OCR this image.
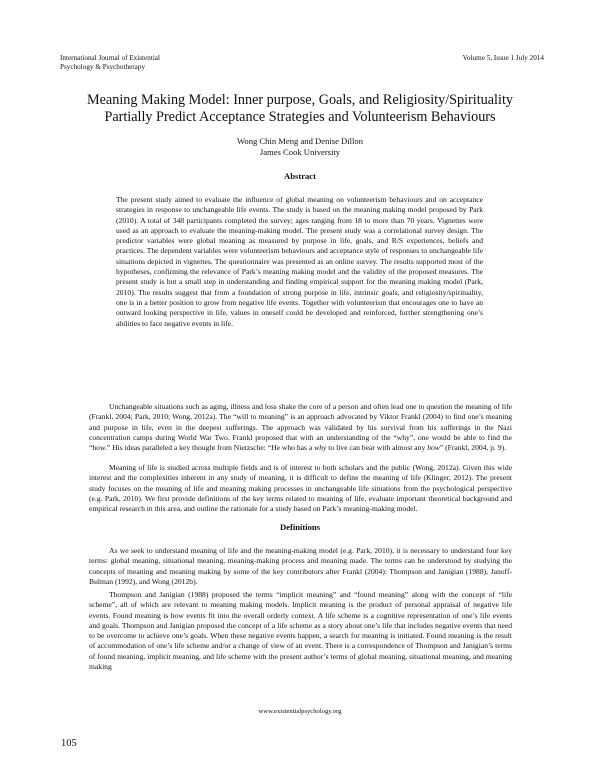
International Journal of Existential
Psychology & Psychotherapy
Volume 5, Issue 1 July 2014
Meaning Making Model: Inner purpose, Goals, and Religiosity/Spirituality
Partially Predict Acceptance Strategies and Volunteerism Behaviours
Wong Chin Meng and Denise Dillon
James Cook University
Abstract

The present study aimed to evaluate the influence of global meaning on volunteerism behaviours and on acceptance strategies in response to unchangeable life events. The study is based on the meaning making model proposed by Park (2010). A total of 348 participants completed the survey; ages ranging from 18 to more than 70 years. Vignettes were used as an approach to evaluate the meaning-making model. The present study was a correlational survey design. The predictor variables were global meaning as measured by purpose in life, goals, and R/S experiences, beliefs and practices. The dependent variables were volunteerism behaviours and acceptance style of responses to unchangeable life situations depicted in vignettes. The questionnaire was presented as an online survey. The results supported most of the hypotheses, confirming the relevance of Park’s meaning making model and the validity of the proposed measures. The present study is but a small step in understanding and finding empirical support for the meaning making model (Park, 2010). The results suggest that from a foundation of strong purpose in life, intrinsic goals, and religiosity/spirituality, one is in a better position to grow from negative life events. Together with volunteerism that encourages one to have an outward looking perspective in life, values in oneself could be developed and reinforced, further strengthening one’s abilities to face negative events in life.

Unchangeable situations such as aging, illness and loss shake the core of a person and often lead one to question the meaning of life (Frankl, 2004; Park, 2010; Wong, 2012a). The “will to meaning” is an approach advocated by Viktor Frankl (2004) to find one’s meaning and purpose in life, even in the deepest sufferings. The approach was validated by his survival from his sufferings in the Nazi concentration camps during World War Two. Frankl proposed that with an understanding of the “why”, one would be able to find the “how.” His ideas paralleled a key thought from Nietzsche: “He who has a why to live can bear with almost any how” (Frankl, 2004, p. 9).

Meaning of life is studied across multiple fields and is of interest to both scholars and the public (Wong, 2012a). Given this wide interest and the complexities inherent in any study of meaning, it is difficult to define the meaning of life (Klinger, 2012). The present study focuses on the meaning of life and meaning making processes in unchangeable life situations from the psychological perspective (e.g. Park, 2010). We first provide definitions of the key terms related to meaning of life, evaluate important theoretical background and empirical research in this area, and outline the rationale for a study based on Park’s meaning-making model.

Definitions

As we seek to understand meaning of life and the meaning-making model (e.g. Park, 2010), it is necessary to understand four key terms: global meaning, situational meaning, meaning-making process and meaning made. The terms can be understood by studying the concepts of meaning and meaning making by some of the key contributors after Frankl (2004): Thompson and Janigian (1988), Janoff-Bulman (1992), and Wong (2012b).

Thompson and Janigian (1988) proposed the terms “implicit meaning” and “found meaning” along with the concept of “life scheme”, all of which are relevant to meaning making models. Implicit meaning is the product of personal appraisal of negative life events. Found meaning is how events fit into the overall orderly context. A life scheme is a cognitive representation of one’s life events and goals. Thompson and Janigian proposed the concept of a life scheme as a story about one’s life that includes negative events that need to be overcome to achieve one’s goals. When these negative events happen, a search for meaning is initiated. Found meaning is the result of accommodation of one’s life scheme and/or a change of view of an event. There is a correspondence of Thompson and Janigian’s terms of found meaning, implicit meaning, and life scheme with the present author’s terms of global meaning, situational meaning, and meaning making

www.existentialpsychology.org
105
